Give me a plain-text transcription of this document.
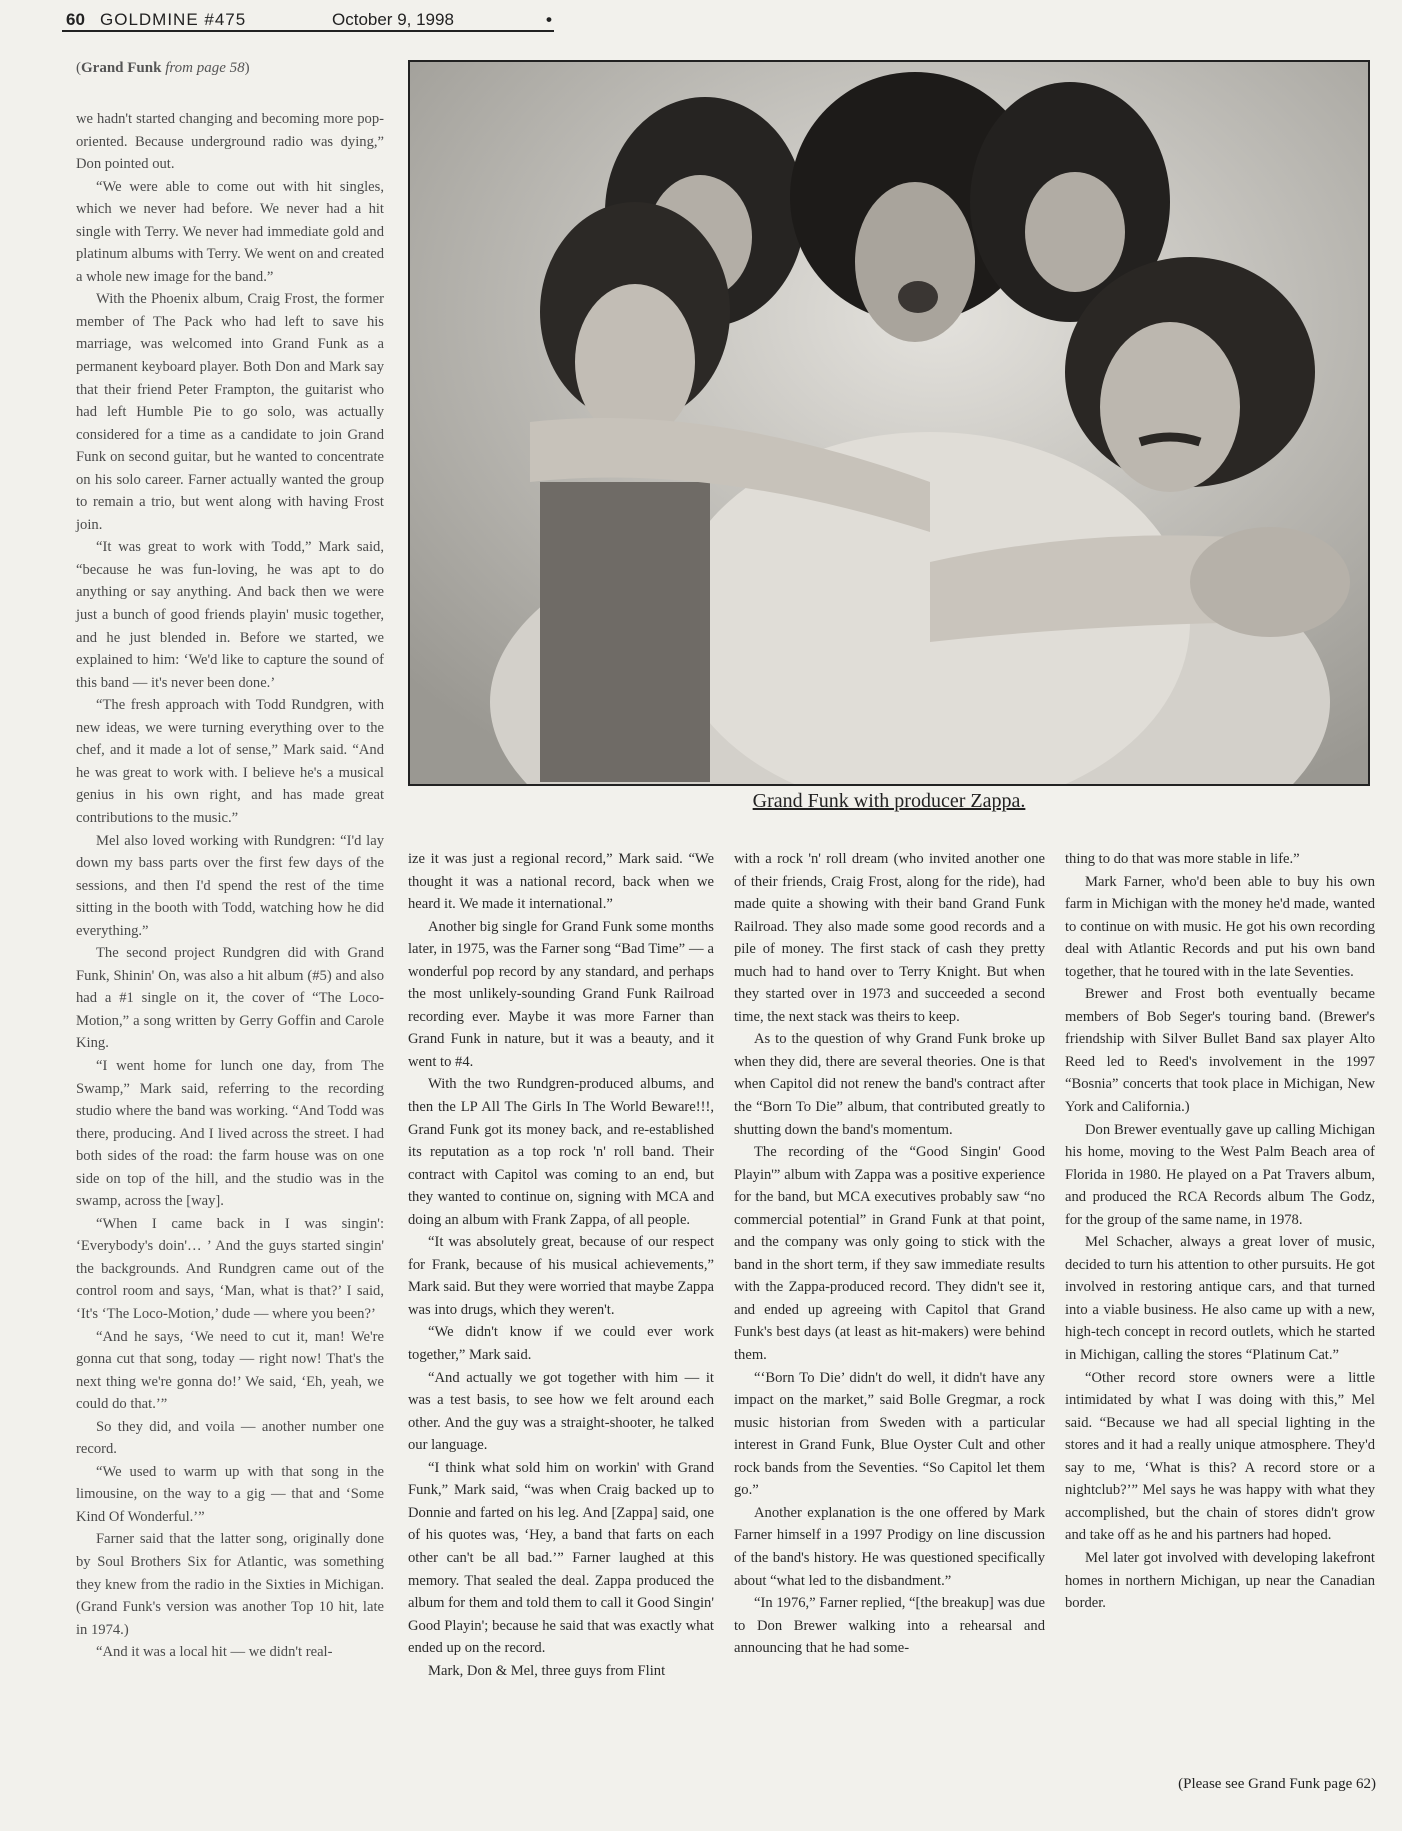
60 GOLDMINE #475	October 9, 1998	•
(Grand Funk from page 58)
Grand Funk with producer Zappa.

we hadn't started changing and becoming more pop-oriented. Because underground radio was dying,” Don pointed out.

“We were able to come out with hit singles, which we never had before. We never had a hit single with Terry. We never had immediate gold and platinum albums with Terry. We went on and created a whole new image for the band.”

With the Phoenix album, Craig Frost, the former member of The Pack who had left to save his marriage, was welcomed into Grand Funk as a permanent keyboard player. Both Don and Mark say that their friend Peter Frampton, the guitarist who had left Humble Pie to go solo, was actually considered for a time as a candidate to join Grand Funk on second guitar, but he wanted to concentrate on his solo career. Farner actually wanted the group to remain a trio, but went along with having Frost join.

“It was great to work with Todd,” Mark said, “because he was fun-loving, he was apt to do anything or say anything. And back then we were just a bunch of good friends playin' music together, and he just blended in. Before we started, we explained to him: ‘We'd like to capture the sound of this band — it's never been done.’

“The fresh approach with Todd Rundgren, with new ideas, we were turning everything over to the chef, and it made a lot of sense,” Mark said. “And he was great to work with. I believe he's a musical genius in his own right, and has made great contributions to the music.”

Mel also loved working with Rundgren: “I'd lay down my bass parts over the first few days of the sessions, and then I'd spend the rest of the time sitting in the booth with Todd, watching how he did everything.”

The second project Rundgren did with Grand Funk, Shinin' On, was also a hit album (#5) and also had a #1 single on it, the cover of “The Loco-Motion,” a song written by Gerry Goffin and Carole King.

“I went home for lunch one day, from The Swamp,” Mark said, referring to the recording studio where the band was working. “And Todd was there, producing. And I lived across the street. I had both sides of the road: the farm house was on one side on top of the hill, and the studio was in the swamp, across the [way].

“When I came back in I was singin': ‘Everybody's doin'… ’ And the guys started singin' the backgrounds. And Rundgren came out of the control room and says, ‘Man, what is that?’ I said, ‘It's ‘The Loco-Motion,’ dude — where you been?’

“And he says, ‘We need to cut it, man! We're gonna cut that song, today — right now! That's the next thing we're gonna do!’ We said, ‘Eh, yeah, we could do that.’”

So they did, and voila — another number one record.

“We used to warm up with that song in the limousine, on the way to a gig — that and ‘Some Kind Of Wonderful.’”

Farner said that the latter song, originally done by Soul Brothers Six for Atlantic, was something they knew from the radio in the Sixties in Michigan. (Grand Funk's version was another Top 10 hit, late in 1974.)

“And it was a local hit — we didn't real-

ize it was just a regional record,” Mark said. “We thought it was a national record, back when we heard it. We made it international.”

Another big single for Grand Funk some months later, in 1975, was the Farner song “Bad Time” — a wonderful pop record by any standard, and perhaps the most unlikely-sounding Grand Funk Railroad recording ever. Maybe it was more Farner than Grand Funk in nature, but it was a beauty, and it went to #4.

With the two Rundgren-produced albums, and then the LP All The Girls In The World Beware!!!, Grand Funk got its money back, and re-established its reputation as a top rock 'n' roll band. Their contract with Capitol was coming to an end, but they wanted to continue on, signing with MCA and doing an album with Frank Zappa, of all people.

“It was absolutely great, because of our respect for Frank, because of his musical achievements,” Mark said. But they were worried that maybe Zappa was into drugs, which they weren't.

“We didn't know if we could ever work together,” Mark said.

“And actually we got together with him — it was a test basis, to see how we felt around each other. And the guy was a straight-shooter, he talked our language.

“I think what sold him on workin' with Grand Funk,” Mark said, “was when Craig backed up to Donnie and farted on his leg. And [Zappa] said, one of his quotes was, ‘Hey, a band that farts on each other can't be all bad.’” Farner laughed at this memory. That sealed the deal. Zappa produced the album for them and told them to call it Good Singin' Good Playin'; because he said that was exactly what ended up on the record.

Mark, Don & Mel, three guys from Flint

with a rock 'n' roll dream (who invited another one of their friends, Craig Frost, along for the ride), had made quite a showing with their band Grand Funk Railroad. They also made some good records and a pile of money. The first stack of cash they pretty much had to hand over to Terry Knight. But when they started over in 1973 and succeeded a second time, the next stack was theirs to keep.

As to the question of why Grand Funk broke up when they did, there are several theories. One is that when Capitol did not renew the band's contract after the “Born To Die” album, that contributed greatly to shutting down the band's momentum.

The recording of the “Good Singin' Good Playin'” album with Zappa was a positive experience for the band, but MCA executives probably saw “no commercial potential” in Grand Funk at that point, and the company was only going to stick with the band in the short term, if they saw immediate results with the Zappa-produced record. They didn't see it, and ended up agreeing with Capitol that Grand Funk's best days (at least as hit-makers) were behind them.

“‘Born To Die’ didn't do well, it didn't have any impact on the market,” said Bolle Gregmar, a rock music historian from Sweden with a particular interest in Grand Funk, Blue Oyster Cult and other rock bands from the Seventies. “So Capitol let them go.”

Another explanation is the one offered by Mark Farner himself in a 1997 Prodigy on line discussion of the band's history. He was questioned specifically about “what led to the disbandment.”

“In 1976,” Farner replied, “[the breakup] was due to Don Brewer walking into a rehearsal and announcing that he had some-

thing to do that was more stable in life.”

Mark Farner, who'd been able to buy his own farm in Michigan with the money he'd made, wanted to continue on with music. He got his own recording deal with Atlantic Records and put his own band together, that he toured with in the late Seventies.

Brewer and Frost both eventually became members of Bob Seger's touring band. (Brewer's friendship with Silver Bullet Band sax player Alto Reed led to Reed's involvement in the 1997 “Bosnia” concerts that took place in Michigan, New York and California.)

Don Brewer eventually gave up calling Michigan his home, moving to the West Palm Beach area of Florida in 1980. He played on a Pat Travers album, and produced the RCA Records album The Godz, for the group of the same name, in 1978.

Mel Schacher, always a great lover of music, decided to turn his attention to other pursuits. He got involved in restoring antique cars, and that turned into a viable business. He also came up with a new, high-tech concept in record outlets, which he started in Michigan, calling the stores “Platinum Cat.”

“Other record store owners were a little intimidated by what I was doing with this,” Mel said. “Because we had all special lighting in the stores and it had a really unique atmosphere. They'd say to me, ‘What is this? A record store or a nightclub?’” Mel says he was happy with what they accomplished, but the chain of stores didn't grow and take off as he and his partners had hoped.

Mel later got involved with developing lakefront homes in northern Michigan, up near the Canadian border.

(Please see Grand Funk page 62)
